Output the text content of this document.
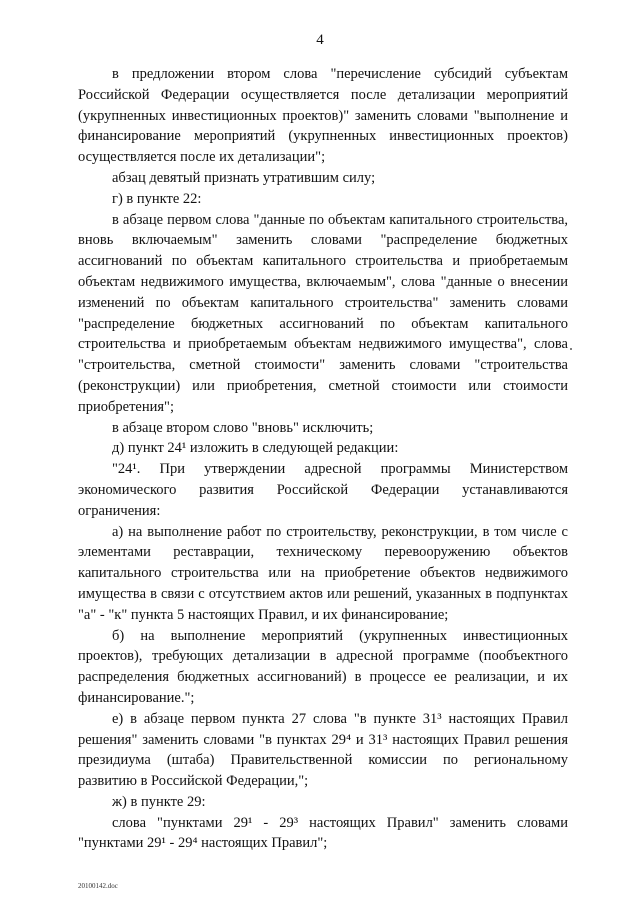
4

в предложении втором слова "перечисление субсидий субъектам Российской Федерации осуществляется после детализации мероприятий (укрупненных инвестиционных проектов)" заменить словами "выполнение и финансирование мероприятий (укрупненных инвестиционных проектов) осуществляется после их детализации";

абзац девятый признать утратившим силу;

г) в пункте 22:

в абзаце первом слова "данные по объектам капитального строительства, вновь включаемым" заменить словами "распределение бюджетных ассигнований по объектам капитального строительства и приобретаемым объектам недвижимого имущества, включаемым", слова "данные о внесении изменений по объектам капитального строительства" заменить словами "распределение бюджетных ассигнований по объектам капитального строительства и приобретаемым объектам недвижимого имущества", слова "строительства, сметной стоимости" заменить словами "строительства (реконструкции) или приобретения, сметной стоимости или стоимости приобретения";

в абзаце втором слово "вновь" исключить;

д) пункт 24¹ изложить в следующей редакции:

"24¹. При утверждении адресной программы Министерством экономического развития Российской Федерации устанавливаются ограничения:

а) на выполнение работ по строительству, реконструкции, в том числе с элементами реставрации, техническому перевооружению объектов капитального строительства или на приобретение объектов недвижимого имущества в связи с отсутствием актов или решений, указанных в подпунктах "а" - "к" пункта 5 настоящих Правил, и их финансирование;

б) на выполнение мероприятий (укрупненных инвестиционных проектов), требующих детализации в адресной программе (пообъектного распределения бюджетных ассигнований) в процессе ее реализации, и их финансирование.";

е) в абзаце первом пункта 27 слова "в пункте 31³ настоящих Правил решения" заменить словами "в пунктах 29⁴ и 31³ настоящих Правил решения президиума (штаба) Правительственной комиссии по региональному развитию в Российской Федерации,";

ж) в пункте 29:

слова "пунктами 29¹ - 29³ настоящих Правил" заменить словами "пунктами 29¹ - 29⁴ настоящих Правил";

20100142.doc
